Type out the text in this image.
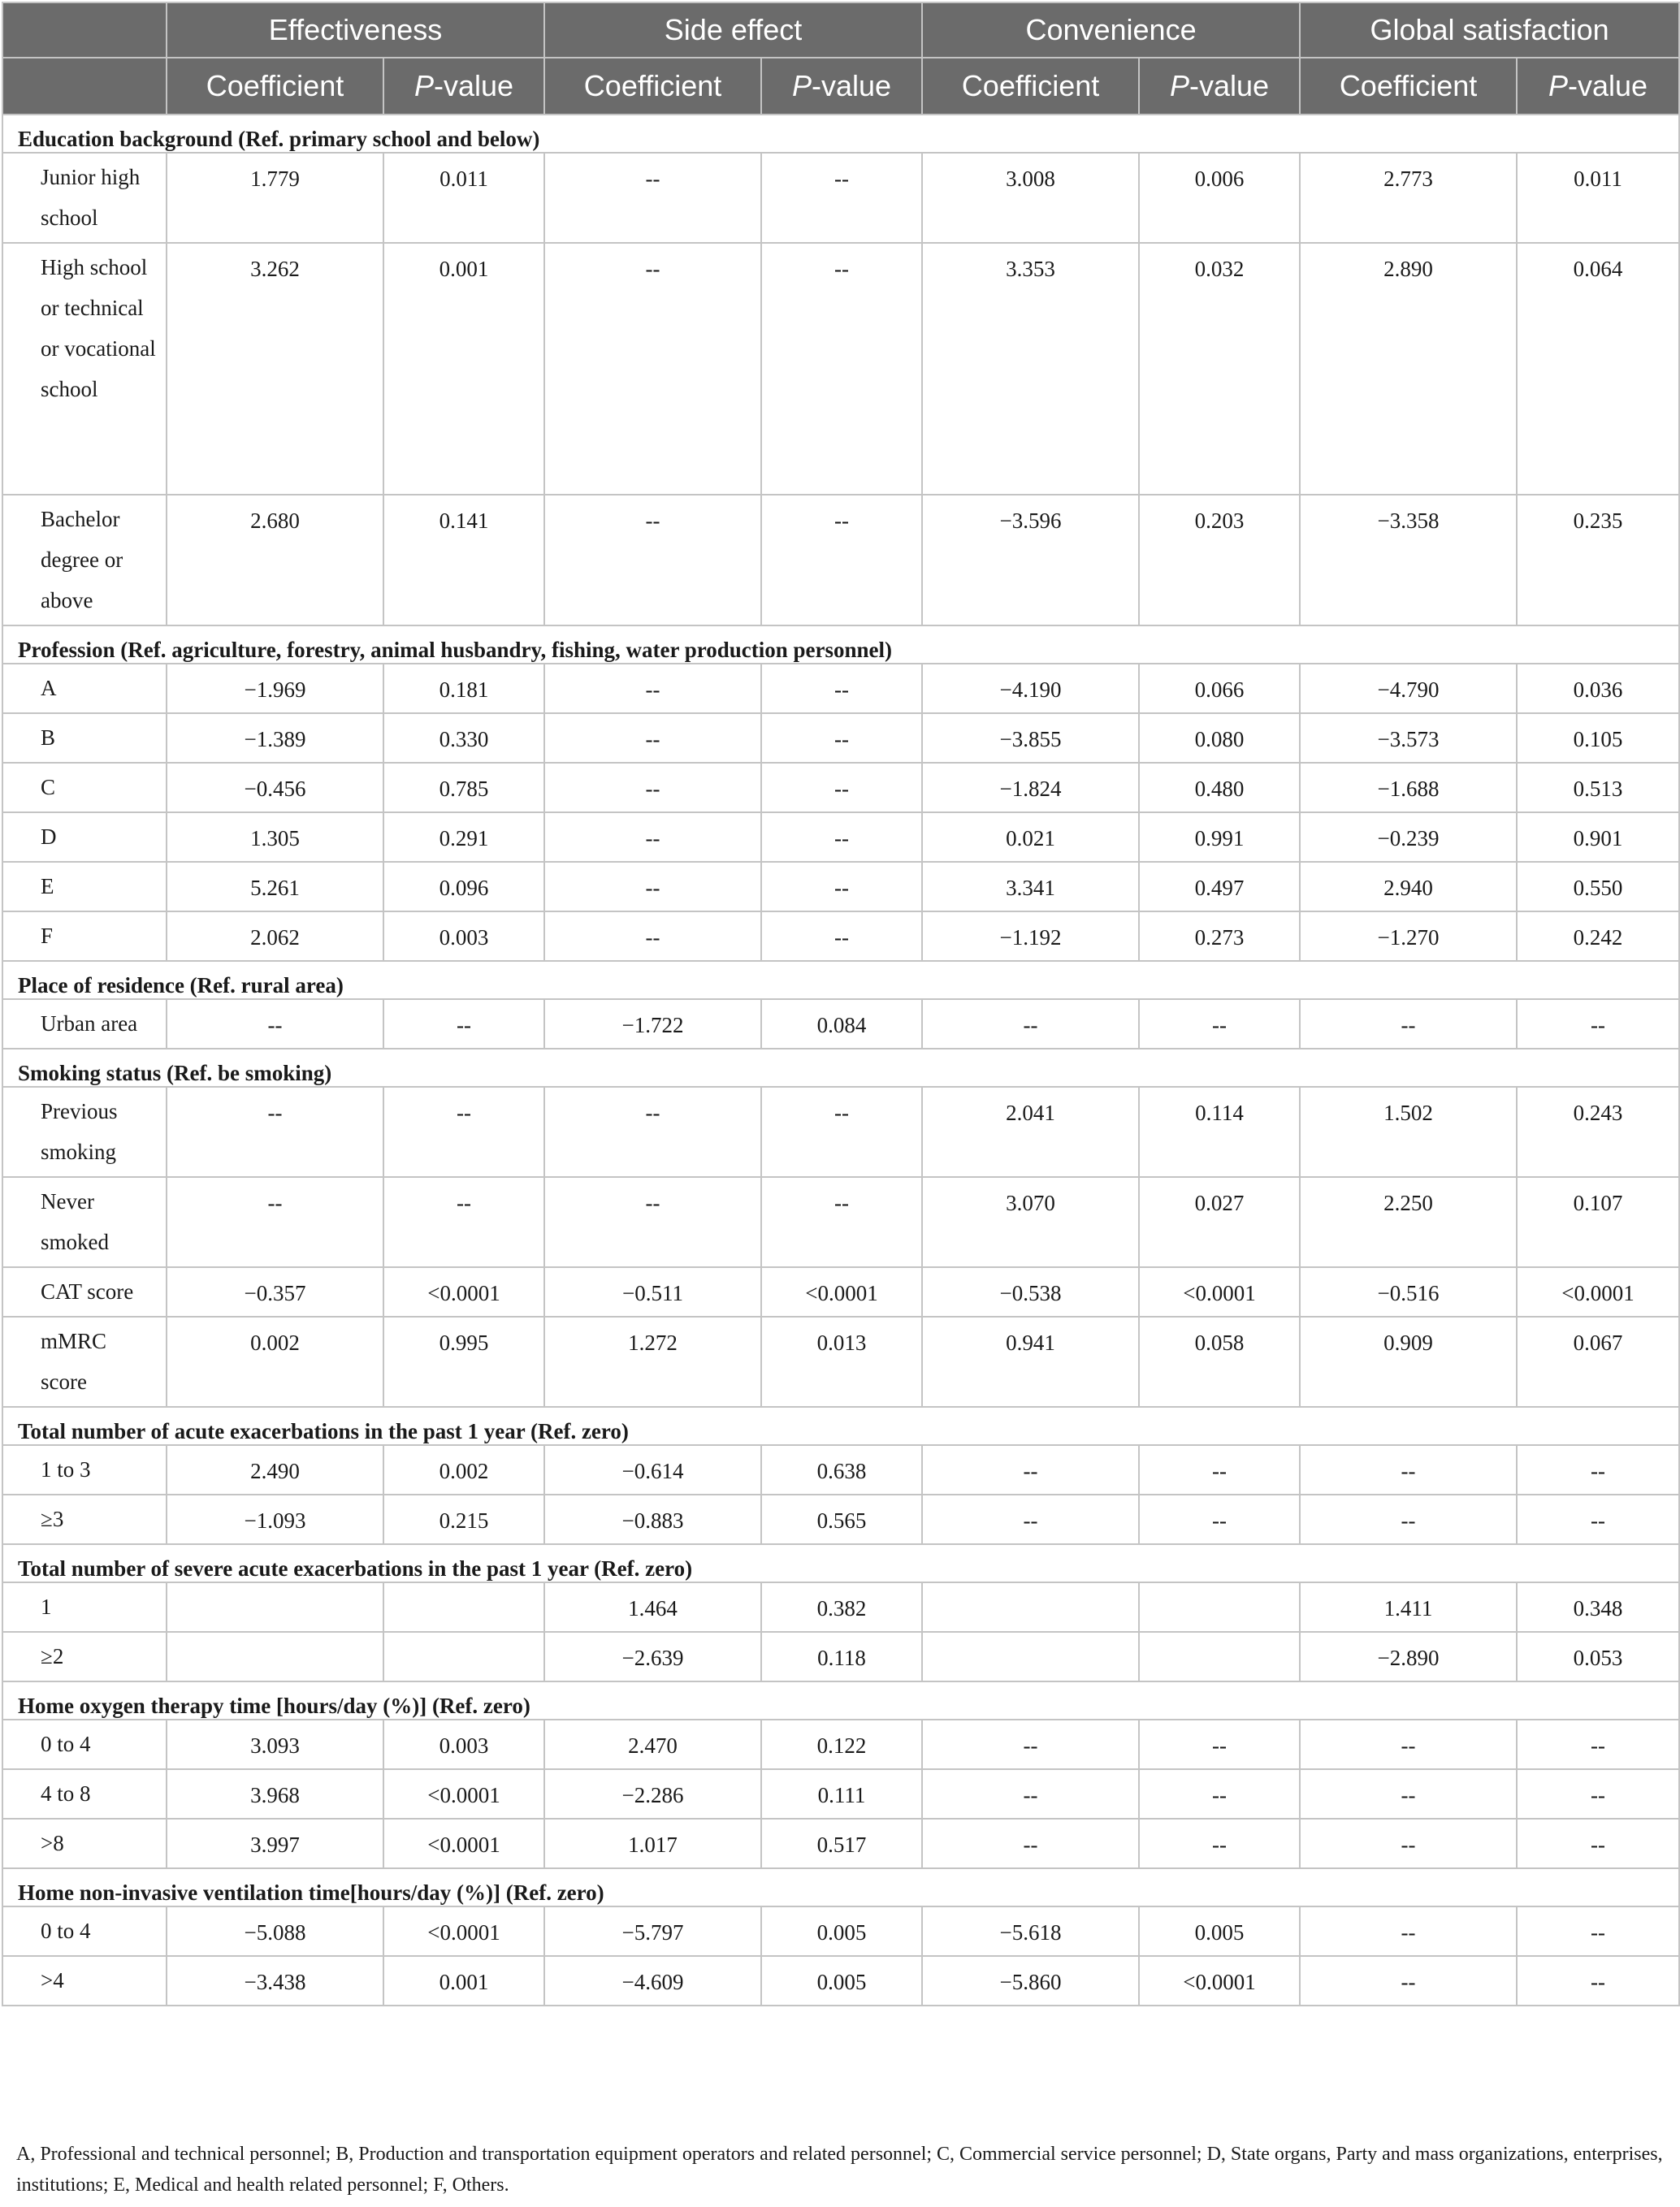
	Effectiveness		Side effect		Convenience		Global satisfaction	
	Coefficient	P-value	Coefficient	P-value	Coefficient	P-value	Coefficient	P-value
Education background (Ref. primary school and below)								
Junior high school	1.779	0.011	--	--	3.008	0.006	2.773	0.011
High school or technical or vocational school	3.262	0.001	--	--	3.353	0.032	2.890	0.064
Bachelor degree or above	2.680	0.141	--	--	−3.596	0.203	−3.358	0.235
Profession (Ref. agriculture, forestry, animal husbandry, fishing, water production personnel)								
A	−1.969	0.181	--	--	−4.190	0.066	−4.790	0.036
B	−1.389	0.330	--	--	−3.855	0.080	−3.573	0.105
C	−0.456	0.785	--	--	−1.824	0.480	−1.688	0.513
D	1.305	0.291	--	--	0.021	0.991	−0.239	0.901
E	5.261	0.096	--	--	3.341	0.497	2.940	0.550
F	2.062	0.003	--	--	−1.192	0.273	−1.270	0.242
Place of residence (Ref. rural area)								
Urban area	--	--	−1.722	0.084	--	--	--	--
Smoking status (Ref. be smoking)								
Previous smoking	--	--	--	--	2.041	0.114	1.502	0.243
Never smoked	--	--	--	--	3.070	0.027	2.250	0.107
CAT score	−0.357	<0.0001	−0.511	<0.0001	−0.538	<0.0001	−0.516	<0.0001
mMRC score	0.002	0.995	1.272	0.013	0.941	0.058	0.909	0.067
Total number of acute exacerbations in the past 1 year (Ref. zero)								
1 to 3	2.490	0.002	−0.614	0.638	--	--	--	--
≥3	−1.093	0.215	−0.883	0.565	--	--	--	--
Total number of severe acute exacerbations in the past 1 year (Ref. zero)								
1			1.464	0.382			1.411	0.348
≥2			−2.639	0.118			−2.890	0.053
Home oxygen therapy time [hours/day (%)] (Ref. zero)								
0 to 4	3.093	0.003	2.470	0.122	--	--	--	--
4 to 8	3.968	<0.0001	−2.286	0.111	--	--	--	--
>8	3.997	<0.0001	1.017	0.517	--	--	--	--
Home non-invasive ventilation time[hours/day (%)] (Ref. zero)								
0 to 4	−5.088	<0.0001	−5.797	0.005	−5.618	0.005	--	--
>4	−3.438	0.001	−4.609	0.005	−5.860	<0.0001	--	--
A, Professional and technical personnel; B, Production and transportation equipment operators and related personnel; C, Commercial service personnel; D, State organs, Party and mass organizations, enterprises, institutions; E, Medical and health related personnel; F, Others.
